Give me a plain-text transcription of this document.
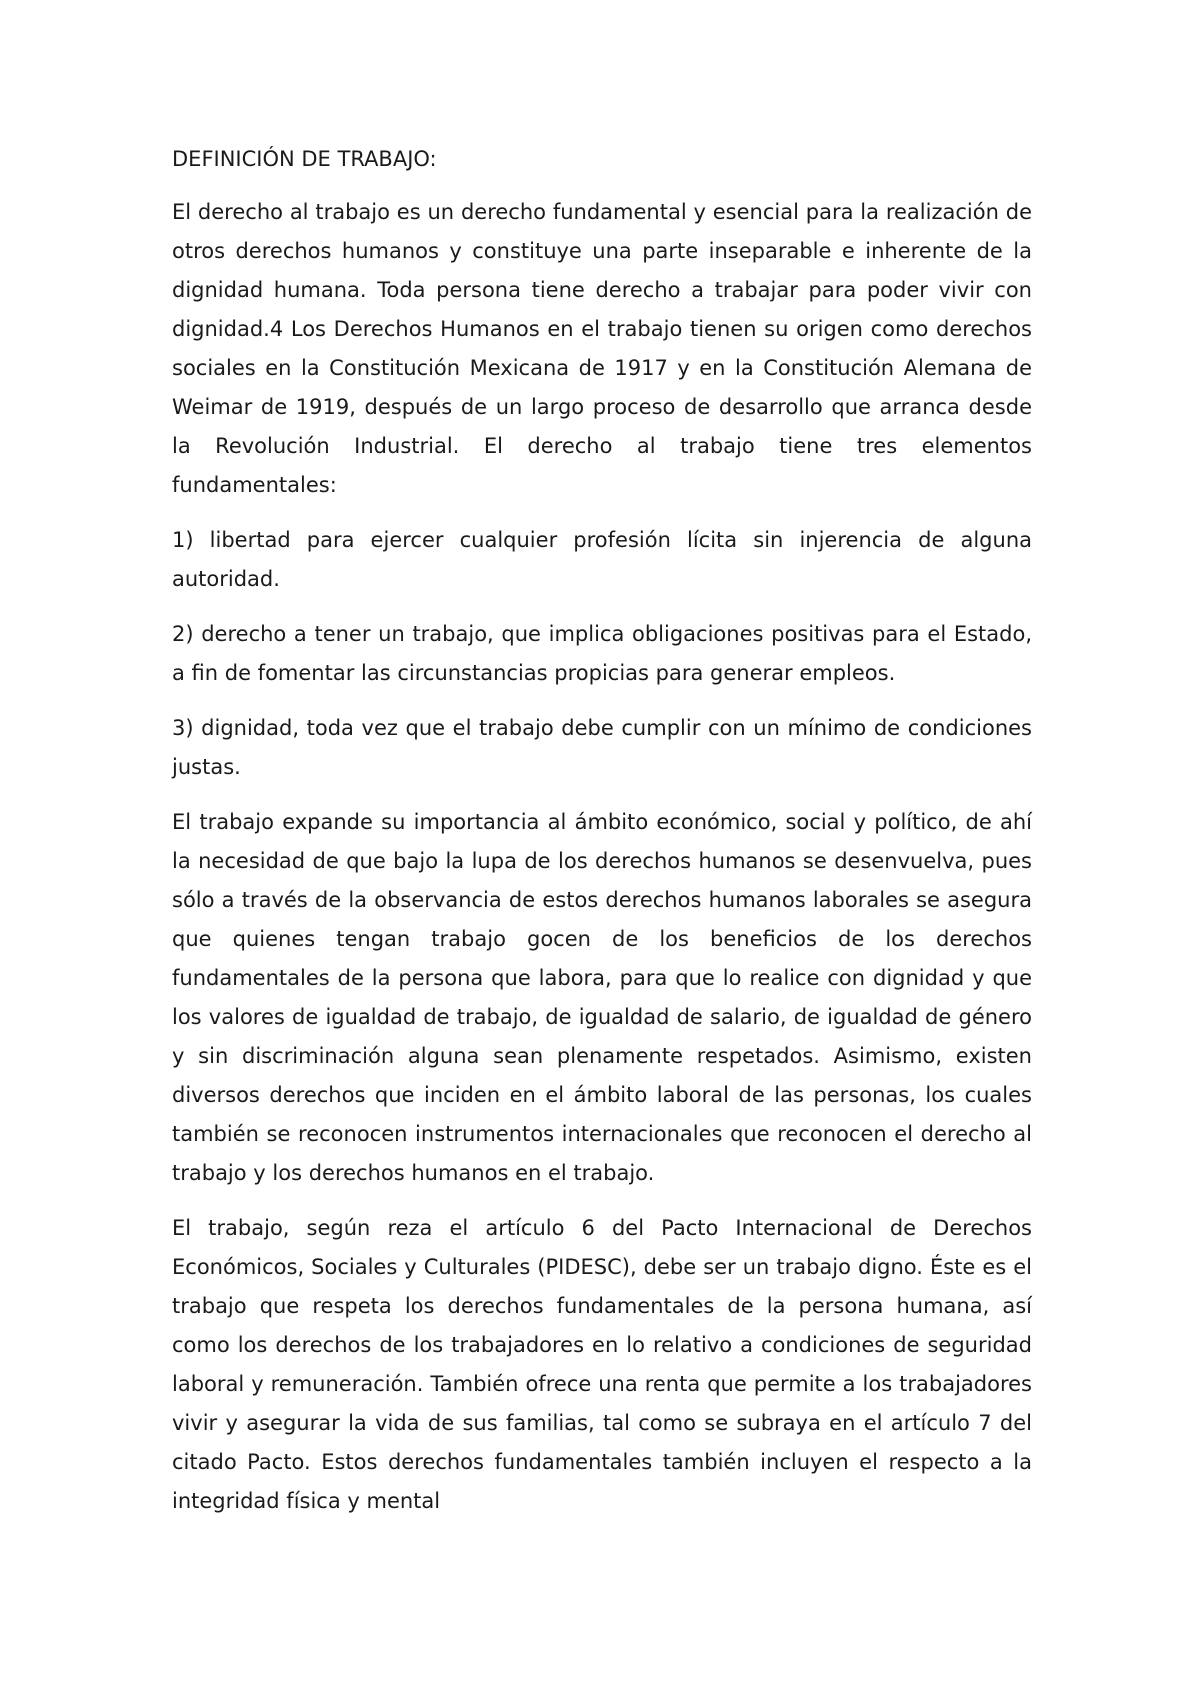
DEFINICIÓN DE TRABAJO:

El derecho al trabajo es un derecho fundamental y esencial para la realización de otros derechos humanos y constituye una parte inseparable e inherente de la dignidad humana. Toda persona tiene derecho a trabajar para poder vivir con dignidad.4 Los Derechos Humanos en el trabajo tienen su origen como derechos sociales en la Constitución Mexicana de 1917 y en la Constitución Alemana de Weimar de 1919, después de un largo proceso de desarrollo que arranca desde la Revolución Industrial. El derecho al trabajo tiene tres elementos fundamentales:

1) libertad para ejercer cualquier profesión lícita sin injerencia de alguna autoridad.

2) derecho a tener un trabajo, que implica obligaciones positivas para el Estado, a fin de fomentar las circunstancias propicias para generar empleos.

3) dignidad, toda vez que el trabajo debe cumplir con un mínimo de condiciones justas.

El trabajo expande su importancia al ámbito económico, social y político, de ahí la necesidad de que bajo la lupa de los derechos humanos se desenvuelva, pues sólo a través de la observancia de estos derechos humanos laborales se asegura que quienes tengan trabajo gocen de los beneficios de los derechos fundamentales de la persona que labora, para que lo realice con dignidad y que los valores de igualdad de trabajo, de igualdad de salario, de igualdad de género y sin discriminación alguna sean plenamente respetados. Asimismo, existen diversos derechos que inciden en el ámbito laboral de las personas, los cuales también se reconocen instrumentos internacionales que reconocen el derecho al trabajo y los derechos humanos en el trabajo.

El trabajo, según reza el artículo 6 del Pacto Internacional de Derechos Económicos, Sociales y Culturales (PIDESC), debe ser un trabajo digno. Éste es el trabajo que respeta los derechos fundamentales de la persona humana, así como los derechos de los trabajadores en lo relativo a condiciones de seguridad laboral y remuneración. También ofrece una renta que permite a los trabajadores vivir y asegurar la vida de sus familias, tal como se subraya en el artículo 7 del citado Pacto. Estos derechos fundamentales también incluyen el respecto a la integridad física y mental
